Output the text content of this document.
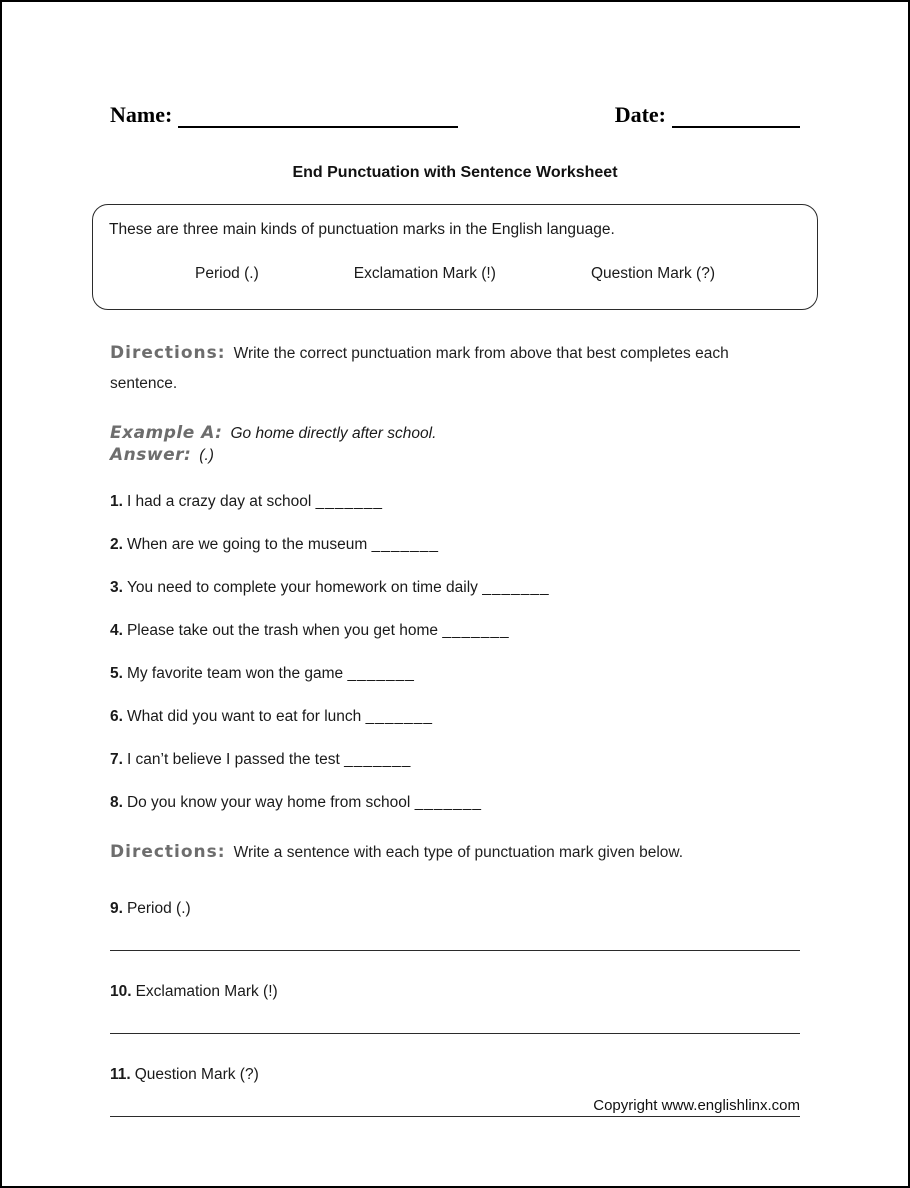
Name:	Date:
End Punctuation with Sentence Worksheet
These are three main kinds of punctuation marks in the English language.
Period (.)	Exclamation Mark (!)	Question Mark (?)

Directions: Write the correct punctuation mark from above that best completes each sentence.

Example A: Go home directly after school.
Answer: (.)

1. I had a crazy day at school _______

2. When are we going to the museum _______

3. You need to complete your homework on time daily _______

4. Please take out the trash when you get home _______

5. My favorite team won the game _______

6. What did you want to eat for lunch _______

7. I can’t believe I passed the test _______

8. Do you know your way home from school _______

Directions: Write a sentence with each type of punctuation mark given below.

9. Period (.)

10. Exclamation Mark (!)

11. Question Mark (?)

Copyright www.englishlinx.com
